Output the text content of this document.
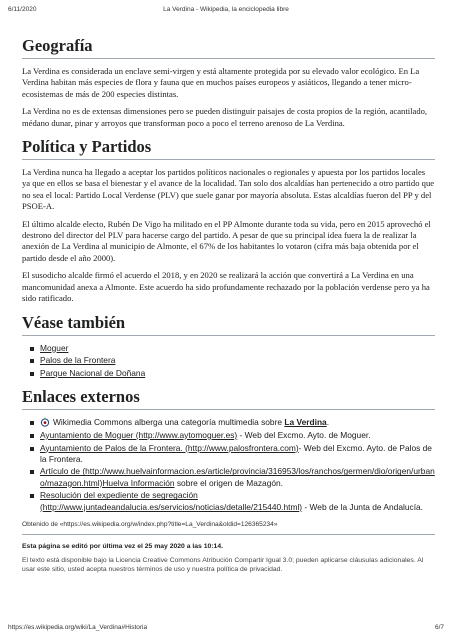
6/11/2020	La Verdina - Wikipedia, la enciclopedia libre
Geografía

La Verdina es considerada un enclave semi-virgen y está altamente protegida por su elevado valor ecológico. En La Verdina habitan más especies de flora y fauna que en muchos países europeos y asiáticos, llegando a tener micro-ecosistemas de más de 200 especies distintas.

La Verdina no es de extensas dimensiones pero se pueden distinguir paisajes de costa propios de la región, acantilado, médano dunar, pinar y arroyos que transforman poco a poco el terreno arenoso de La Verdina.

Política y Partidos

La Verdina nunca ha llegado a aceptar los partidos políticos nacionales o regionales y apuesta por los partidos locales ya que en ellos se basa el bienestar y el avance de la localidad. Tan solo dos alcaldías han pertenecido a otro partido que no sea el local: Partido Local Verdense (PLV) que suele ganar por mayoría absoluta. Estas alcaldías fueron del PP y del PSOE-A.

El último alcalde electo, Rubén De Vigo ha militado en el PP Almonte durante toda su vida, pero en 2015 aprovechó el destrono del director del PLV para hacerse cargo del partido. A pesar de que su principal idea fuera la de realizar la anexión de La Verdina al municipio de Almonte, el 67% de los habitantes lo votaron (cifra más baja obtenida por el partido desde el año 2000).

El susodicho alcalde firmó el acuerdo el 2018, y en 2020 se realizará la acción que convertirá a La Verdina en una mancomunidad anexa a Almonte. Este acuerdo ha sido profundamente rechazado por la población verdense pero ya ha sido ratificado.

Véase también
Moguer
Palos de la Frontera
Parque Nacional de Doñana
Enlaces externos
Wikimedia Commons alberga una categoría multimedia sobre La Verdina.
Ayuntamiento de Moguer (http://www.aytomoguer.es) - Web del Excmo. Ayto. de Moguer.
Ayuntamiento de Palos de la Frontera. (http://www.palosfrontera.com)- Web del Excmo. Ayto. de Palos de la Frontera.
Artículo de (http://www.huelvainformacion.es/article/provincia/316953/los/ranchos/germen/dio/origen/urbano/mazagon.html)Huelva Información sobre el origen de Mazagón.
Resolución del expediente de segregación (http://www.juntadeandalucia.es/servicios/noticias/detalle/215440.html) - Web de la Junta de Andalucía.
Obtenido de «https://es.wikipedia.org/w/index.php?title=La_Verdina&oldid=126365234»
Esta página se editó por última vez el 25 may 2020 a las 10:14.
El texto está disponible bajo la Licencia Creative Commons Atribución Compartir Igual 3.0; pueden aplicarse cláusulas adicionales. Al usar este sitio, usted acepta nuestros términos de uso y nuestra política de privacidad.
https://es.wikipedia.org/wiki/La_Verdina#Historia	6/7
